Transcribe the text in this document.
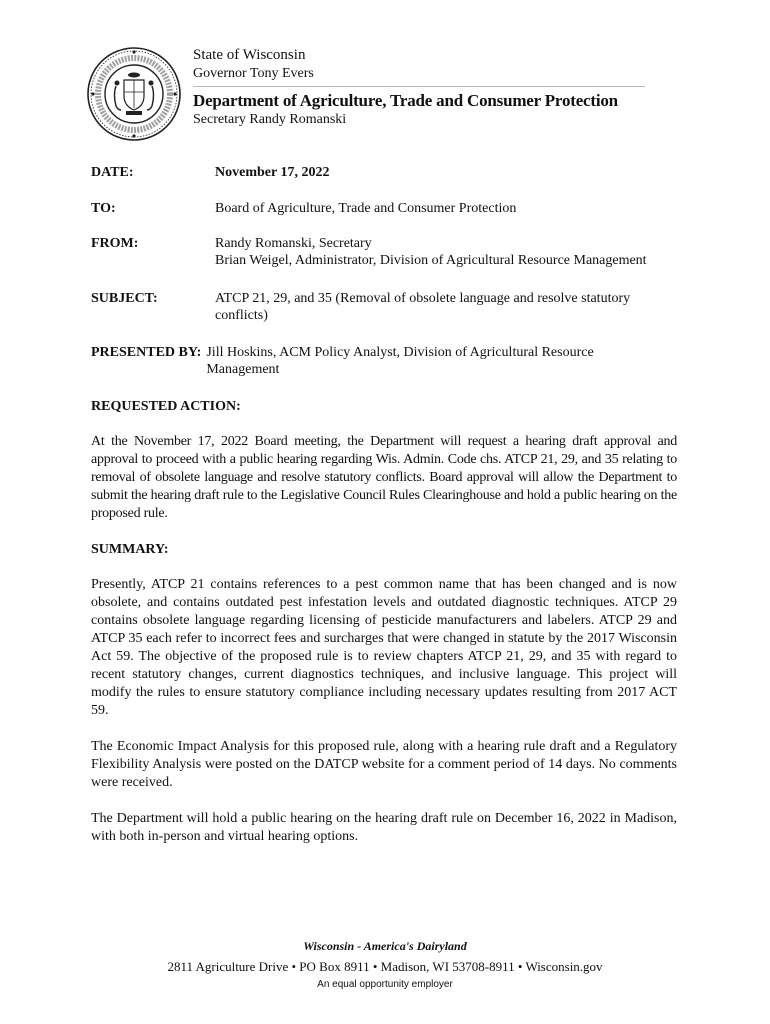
State of Wisconsin
Governor Tony Evers
Department of Agriculture, Trade and Consumer Protection
Secretary Randy Romanski
DATE:	November 17, 2022
TO:	Board of Agriculture, Trade and Consumer Protection
FROM:	Randy Romanski, Secretary
Brian Weigel, Administrator, Division of Agricultural Resource Management
SUBJECT:	ATCP 21, 29, and 35 (Removal of obsolete language and resolve statutory conflicts)
PRESENTED BY: Jill Hoskins, ACM Policy Analyst, Division of Agricultural Resource Management
REQUESTED ACTION:

At the November 17, 2022 Board meeting, the Department will request a hearing draft approval and approval to proceed with a public hearing regarding Wis. Admin. Code chs. ATCP 21, 29, and 35 relating to removal of obsolete language and resolve statutory conflicts. Board approval will allow the Department to submit the hearing draft rule to the Legislative Council Rules Clearinghouse and hold a public hearing on the proposed rule.

SUMMARY:

Presently, ATCP 21 contains references to a pest common name that has been changed and is now obsolete, and contains outdated pest infestation levels and outdated diagnostic techniques. ATCP 29 contains obsolete language regarding licensing of pesticide manufacturers and labelers. ATCP 29 and ATCP 35 each refer to incorrect fees and surcharges that were changed in statute by the 2017 Wisconsin Act 59. The objective of the proposed rule is to review chapters ATCP 21, 29, and 35 with regard to recent statutory changes, current diagnostics techniques, and inclusive language. This project will modify the rules to ensure statutory compliance including necessary updates resulting from 2017 ACT 59.

The Economic Impact Analysis for this proposed rule, along with a hearing rule draft and a Regulatory Flexibility Analysis were posted on the DATCP website for a comment period of 14 days. No comments were received.

The Department will hold a public hearing on the hearing draft rule on December 16, 2022 in Madison, with both in-person and virtual hearing options.

Wisconsin - America's Dairyland
2811 Agriculture Drive • PO Box 8911 • Madison, WI 53708-8911 • Wisconsin.gov
An equal opportunity employer
